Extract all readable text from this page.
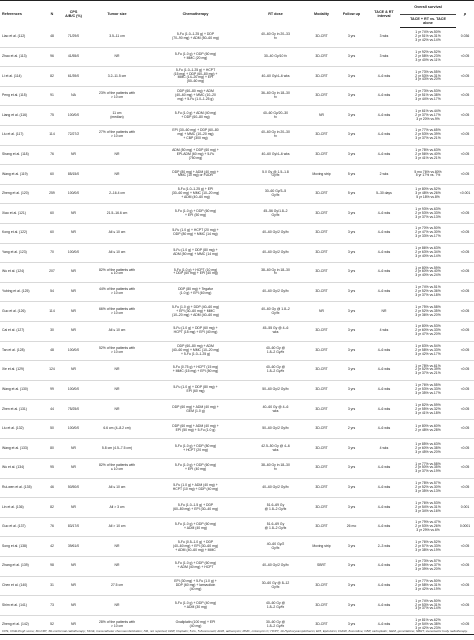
References	N	CPS
A/B/C (%)	Tumor size	Chemotherapy	RT dose	Modality	Follow up	TACE & RT
interval	Overall survival	p
									TACE + RT vs. TACE
alone	
Liao et al. (112)	48	71/29/0	3.5–11 cm	5-Fu (1.0–1.25 g) + DDP
(70–90 mg) + ADM (50–60 mg)	40–60 Gy in 20–33
fx	3D-CRT	3 yrs	3 wks	1 yr 74% vs.50%
2 yr 51% vs.31%
3 yr 42% vs.14%	0.036
Zhao et al. (113)	96	41/55/0	NR	5-Fu (1.0 g) + DDP (60 mg)
+ MMC (20 mg)	30–40 Gy/10 fx	3D-CRT	3 yrs	3 wks	1 yr 92% vs.52%
2 yr 58% vs.23%
3 yr 40% vs.11%	<0.05
Li et al. (114)	82	61/39/0	3.2–11.5 cm	5-Fu (1.0–1.25 g) + HCPT
(15 mg) + DDP (60–80 mg) +
MMC (14–20 mg) + EPI
(50–60 mg)	40–60 Gy/4–6 wks	3D-CRT	3 yrs	4–6 wks	1 yr 73% vs.55%
2 yr 53% vs.31%
3 yr 43% vs.20%	<0.05
Peng et al. (115)	91	NA	23% of the patients with
> 10 cm	DDP (60–80 mg) + ADM
(40–60 mg) + MMC (10–20
mg) + 5-Fu (1.0–1.25 g)	36–60 Gy in 18–30
fx	3D-CRT	3 yrs	4–6 wks	1 yr 73% vs.53%
2 yr 51% vs.38%
3 yr 44% vs.17%	<0.05
Liang et al. (116)	75	100/0/0	11 cm
(median)	5-Fu (1.0 g) + ADM (40 mg)
+ DDP (60–80 mg)	40–60 Gy/20–30
fx	NR	3 yrs	4–6 wks	1 yr 61% vs.44%
2 yr 37% vs.17%
3 yr 20% vs.9%	<0.05
Liu et al. (117)	114	72/27/2	27% of the patients with
> 10 cm	EPI (30–60 mg) + DDP (60–80
mg) + MMC (10–20 mg)
+ CBP (300 mg)	40–60 Gy in 20–30
fx	3D-CRT	3 yrs	4–6 wks	1 yr 77% vs.65%
2 yr 53% vs.39%
3 yr 37% vs.21%	<0.05
Shang et al. (118)	76	NR	NR	ADM (50 mg) + DDP (60 mg) +
EPI-ADM (60 mg) + 5-Fu
(750 mg)	40–60 Gy/4–6 wks	3D-CRT	3 yrs	4–6 wks	1 yr 78% vs.63%
2 yr 56% vs.40%
3 yr 41% vs.21%	<0.05
Wang et al. (119)	60	85/15/0	NR	DDP (80 mg) + ADM (40 mg) +
MMC (10 mg) or FUDR	5.0 Gy @ 1.5–1.8
Gy/fx	Moving strip	5 yrs	2 wks	5 mo 76% vs.80%
5 yr 17% vs. 7%	<0.05
Zheng et al. (120)	259	100/0/0	2–16.4 cm	5-Fu (1.0–1.25 g) + EPI
(30–60 mg) + MMC (10–20 mg)
+ ADM (40–60 mg)	30–60 Gy/3–5
Gy/fx	3D-CRT	5 yrs	5–30 days	1 yr 80% vs.52%
3 yr 48% vs.26%
5 yr 18% vs.8%	<0.001
Xiao et al. (121)	60	NR	21.5–16.6 cm	5-Fu (1.0 g) + DDP (60 mg)
+ EPI (50 mg)	45–56 Gy/1.8–2
Gy/fx	3D-CRT	3 yrs	4–6 wks	1 yr 93% vs.63%
2 yr 53% vs.33%
3 yr 37% vs.13%	<0.05
Kong et al. (122)	60	NR	All ≤ 10 cm	5-Fu (1.0 g) + HCPT (20 mg) +
DDP (80 mg) + MMC (14 mg)	40–60 Gy/2 Gy/fx	3D-CRT	3 yrs	4–6 wks	1 yr 70% vs.50%
2 yr 47% vs.30%
3 yr 33% vs.17%	<0.05
Yang et al. (123)	70	100/0/0	All ≤ 10 cm	5-Fu (1.0 g) + DDP (80 mg) +
ADM (50 mg) + MMC (14 mg)	40–60 Gy/2 Gy/fx	3D-CRT	3 yrs	4–6 wks	1 yr 86% vs.63%
2 yr 63% vs.34%
3 yr 40% vs.14%	<0.05
Wu et al. (124)	207	NR	82% of the patients with
≤ 10 cm	5-Fu (1.0 g) + HCPT (10 mg)
+ DDP (60 mg) + EPI (40 mg)	38–60 Gy in 18–30
fx	3D-CRT	3 yrs	4–6 wks	1 yr 80% vs.59%
2 yr 60% vs.40%
3 yr 40% vs.24%	<0.05
Yubing et al. (125)	54	NR	44% of the patients with
> 10 cm	DDP (80 mg) + Tegafur
(1.0 g) + EPI (60 mg)	40–60 Gy/2 Gy/fx	3D-CRT	3 yrs	4–6 wks	1 yr 74% vs.51%
2 yr 52% vs.36%
3 yr 37% vs.18%	<0.05
Guo et al. (126)	114	NR	66% of the patients with
> 10 cm	5-Fu (1.0 g) + DDP (40–60 mg)
+ EPI (30–60 mg) + MMC
(10–20 mg) + ADM (40–60 mg)	40–60 Gy @ 1.8–2
Gy/fx	NR	3 yrs	NR	1 yr 75% vs.58%
2 yr 52% vs.35%
3 yr 36% vs.20%	<0.05
Cai et al. (127)	30	NR	All ≤ 10 cm	5-Fu (1.0 g) + DDP (60 mg) +
HCPT (15 mg) + EPI (40 mg)	45–55 Gy @ 4–6
wks	3D-CRT	3 yrs	4 wks	1 yr 80% vs.53%
2 yr 60% vs.33%
3 yr 47% vs.20%	<0.05
Tan et al. (128)	48	100/0/0	52% of the patients with
> 10 cm	DDP (60–80 mg) + ADM
(40–60 mg) + MMC (10–20 mg)
+ 5-Fu (1.0–1.25 g)	40–60 Gy @
1.8–2 Gy/fx	3D-CRT	3 yrs	4–6 wks	1 yr 83% vs.54%
2 yr 58% vs.33%
3 yr 42% vs.17%	<0.05
Xie et al. (129)	124	NR	NR	5-Fu (0.75 g) + HCPT (15 mg)
+ MMC (15 mg) + EPI (50 mg)	40–60 Gy @
1.8–2 Gy/fx	3D-CRT	3 yrs	4–6 wks	1 yr 78% vs.61%
2 yr 52% vs.39%
3 yr 37% vs.21%	<0.05
Wang et al. (130)	99	100/0/0	NR	5-Fu (1.0 g) + DDP (80 mg) +
EPI (60 mg)	50–60 Gy/2 Gy/fx	3D-CRT	3 yrs	4–6 wks	1 yr 76% vs.55%
2 yr 53% vs.33%
3 yr 35% vs.17%	<0.05
Zhen et al. (131)	44	75/25/0	NR	DDP (60 mg) + ADM (40 mg) +
GEM (1.0 g)	40–60 Gy @ 4–6
wks	3D-CRT	3 yrs	4–6 wks	1 yr 82% vs.59%
2 yr 55% vs.32%
3 yr 41% vs.18%	<0.05
Liu et al. (132)	50	100/0/0	6.6 cm (4–8.2 cm)	DDP (60 mg) + ADM (40 mg) +
EPI (50 mg) + 5-Fu (1.0 g)	50–60 Gy/2 Gy/fx	3D-CRT	2 yrs	4–6 wks	1 yr 80% vs.60%
2 yr 48% vs.28%	<0.05
Wang et al. (133)	80	NR	5.8 cm (4.5–7.5 cm)	5-Fu (1.0 g) + DDP (80 mg)
+ HCPT (20 mg)	42.5–50 Gy @ 4–6
wks	3D-CRT	3 yrs	4 wks	1 yr 85% vs.63%
2 yr 60% vs.38%
3 yr 45% vs.20%	<0.05
Wu et al. (134)	95	NR	82% of the patients with
≤ 10 cm	5-Fu (1.0 g) + DDP (60 mg)
+ EPI (40 mg)	38–60 Gy in 18–30
fx	3D-CRT	3 yrs	4–6 wks	1 yr 77% vs.58%
2 yr 50% vs.35%
3 yr 37% vs.19%	<0.05
Rui-wen et al. (135)	46	50/50/0	All ≤ 10 cm	5-Fu (1.0 g) + ADM (40 mg) +
HCPT (10 mg) + DDP (40 mg)	40–60 Gy/2 Gy/fx	3D-CRT	3 yrs	4–6 wks	1 yr 78% vs.57%
2 yr 52% vs.30%
3 yr 35% vs.13%	<0.05
Lin et al. (136)	82	NR	All > 3 cm	5-Fu (1.0–1.5 g) + DDP
(60–80 mg) + EPI (30–40 mg)	51.6–69 Gy
@ 1.8–2 Gy/fx	3D-CRT	3 yrs	4–6 wks	1 yr 76% vs.53%
2 yr 54% vs.31%
3 yr 34% vs.16%	0.001
Guo et al. (137)	76	83/17/0	All > 10 cm	5-Fu (1.0 g) + DDP (60 mg)
+ ADM (40 mg)	51.6–69 Gy
@ 1.8–2 Gy/fx	3D-CRT	26 mo	4–6 wks	1 yr 79% vs.47%
2 yr 53% vs.26%
3 yr 29% vs.6%	0.0001
Song et al. (138)	42	39/61/0	NR	5-Fu (0.5–1.0 g) + DDP
(40–60 mg) + EPI (30–60 mg)
+ ADM (40–60 mg) + MMC	40–60 Gy/2
Gy/fx	Moving strip	3 yrs	2–3 wks	1 yr 76% vs.52%
2 yr 57% vs.33%
3 yr 38% vs.19%	<0.05
Zhang et al. (139)	98	NR	NR	5-Fu (1.0 g) + DDP (60 mg)
+ ADM (40 mg) + HCPT	40–60 Gy/2 Gy/fx	SBRT	3 yrs	4–6 wks	1 yr 73% vs.57%
2 yr 55% vs.37%
3 yr 39% vs.20%	<0.05
Chen et al. (140)	31	NR	27.5 cm	EPI (30 mg) + 5-Fu (1.0 g) +
DDP (60 mg) + lamvudicin
(40 mg)	30–60 Gy @ 8–12
Gy/fx	3D-CRT	3 yrs	4–6 wks	1 yr 77% vs.50%
2 yr 58% vs.31%
3 yr 42% vs.19%	<0.05
Shim et al. (141)	73	NR	NR	5-Fu (1.0 g) + DDP (40 mg)
+ ADM (30 mg)	40–60 Gy @
1.8–2 Gy/fx	3D-CRT	3 yrs	4–6 wks	1 yr 74% vs.50%
2 yr 53% vs.31%
3 yr 37% vs.14%	<0.05
Zheng et al. (142)	52	NR	28% of the patients with
> 10 cm	Oxaliplatin (100 mg) + EPI
(40 mg)	30–60 Gy @
1.8–2 Gy/fx	3D-CRT	3 yrs	4–6 wks	1 yr 81% vs.62%
2 yr 54% vs.38%
3 yr 42% vs.23%	<0.05
CPS, Child-Pugh score; 3D-CRT, 3D-conformal radiotherapy; TACE, transcatheter chemoembolization; NR, not reported; DDP, Cisplatin; 5-Fu, 5-fluorouracil; ADM, adriamycin; MMC, mitomycin C; HCPT, 10-Hydroxycamptothecin; EPI, Epirubicin; FUDR, floxuridine; CBP, carboplatin; GEM, gemcitabine; SBRT, stereotactic body radiotherapy.
